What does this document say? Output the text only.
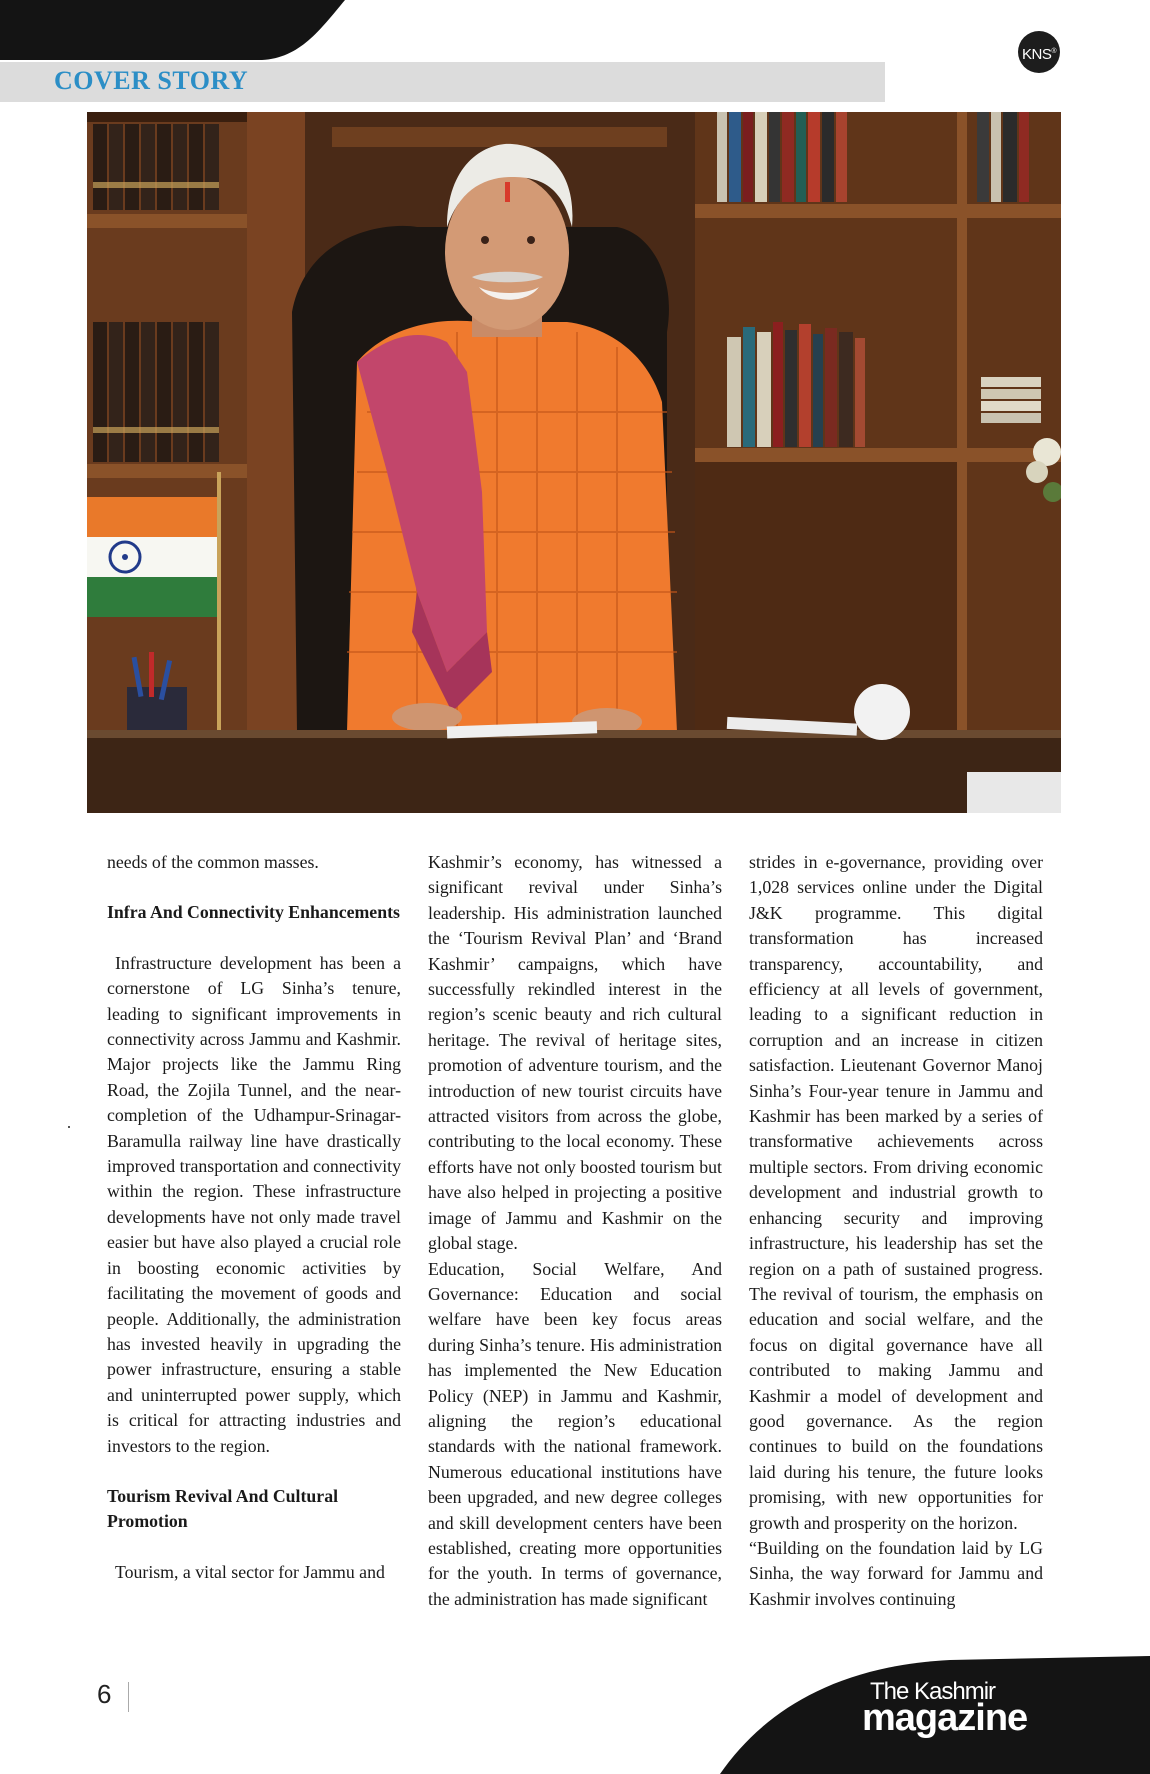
COVER STORY
KNS®

needs of the common masses.

Infra And Connectivity Enhancements

Infrastructure development has been a cornerstone of LG Sinha’s tenure, leading to significant improvements in connectivity across Jammu and Kashmir. Major projects like the Jammu Ring Road, the Zojila Tunnel, and the near-completion of the Udhampur-Srinagar-Baramulla railway line have drastically improved transportation and connectivity within the region. These infrastructure developments have not only made travel easier but have also played a crucial role in boosting economic activities by facilitating the movement of goods and people. Additionally, the administration has invested heavily in upgrading the power infrastructure, ensuring a stable and uninterrupted power supply, which is critical for attracting industries and investors to the region.

Tourism Revival And Cultural Promotion

Tourism, a vital sector for Jammu and

Kashmir’s economy, has witnessed a significant revival under Sinha’s leadership. His administration launched the ‘Tourism Revival Plan’ and ‘Brand Kashmir’ campaigns, which have successfully rekindled interest in the region’s scenic beauty and rich cultural heritage. The revival of heritage sites, promotion of adventure tourism, and the introduction of new tourist circuits have attracted visitors from across the globe, contributing to the local economy. These efforts have not only boosted tourism but have also helped in projecting a positive image of Jammu and Kashmir on the global stage.

Education, Social Welfare, And Governance: Education and social welfare have been key focus areas during Sinha’s tenure. His administration has implemented the New Education Policy (NEP) in Jammu and Kashmir, aligning the region’s educational standards with the national framework. Numerous educational institutions have been upgraded, and new degree colleges and skill development centers have been established, creating more opportunities for the youth. In terms of governance, the administration has made significant

strides in e-governance, providing over 1,028 services online under the Digital J&K programme. This digital transformation has increased transparency, accountability, and efficiency at all levels of government, leading to a significant reduction in corruption and an increase in citizen satisfaction. Lieutenant Governor Manoj Sinha’s Four-year tenure in Jammu and Kashmir has been marked by a series of transformative achievements across multiple sectors. From driving economic development and industrial growth to enhancing security and improving infrastructure, his leadership has set the region on a path of sustained progress. The revival of tourism, the emphasis on education and social welfare, and the focus on digital governance have all contributed to making Jammu and Kashmir a model of development and good governance. As the region continues to build on the foundations laid during his tenure, the future looks promising, with new opportunities for growth and prosperity on the horizon.

“Building on the foundation laid by LG Sinha, the way forward for Jammu and Kashmir involves continuing

6	The Kashmir
magazine
